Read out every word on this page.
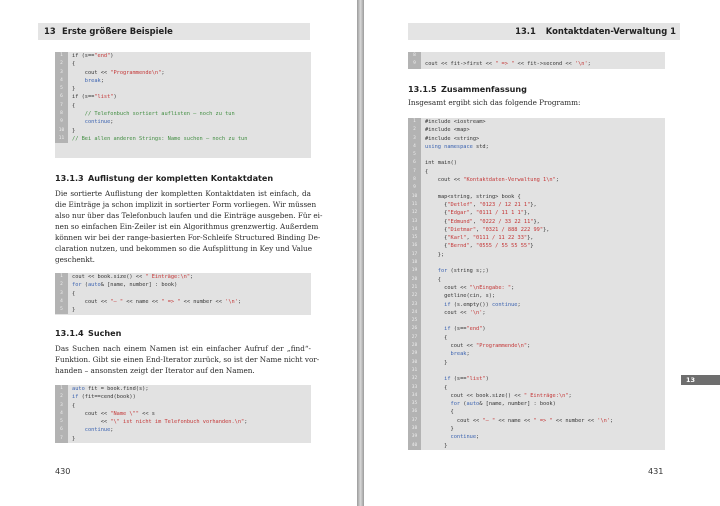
13 Erste größere Beispiele
1	if (s=="end")
2	{
3	cout << "Programmende\n";
4	break;
5	}
6	if (s=="list")
7	{
8	// Telefonbuch sortiert auflisten – noch zu tun
9	continue;
10	}
11	// Bei allen anderen Strings: Name suchen – noch zu tun
13.1.3 Auflistung der kompletten Kontaktdaten
Die sortierte Auflistung der kompletten Kontaktdaten ist einfach, da
die Einträge ja schon implizit in sortierter Form vorliegen. Wir müssen
also nur über das Telefonbuch laufen und die Einträge ausgeben. Für ei-
nen so einfachen Ein-Zeiler ist ein Algorithmus grenzwertig. Außerdem
können wir bei der range-basierten For-Schleife Structured Binding De-
claration nutzen, und bekommen so die Aufsplittung in Key und Value
geschenkt.
1	cout << book.size() << " Einträge:\n";
2	for (auto& [name, number] : book)
3	{
4	cout << "– " << name << " => " << number << '\n';
5	}
13.1.4 Suchen
Das Suchen nach einem Namen ist ein einfacher Aufruf der „find“-
Funktion. Gibt sie einen End-Iterator zurück, so ist der Name nicht vor-
handen – ansonsten zeigt der Iterator auf den Namen.
1	auto fit = book.find(s);
2	if (fit==cend(book))
3	{
4	cout << "Name \"" << s
5	<< "\" ist nicht im Telefonbuch vorhanden.\n";
6	continue;
7	}
430
13.1	Kontaktdaten-Verwaltung 1
8
9	cout << fit->first << " => " << fit->second << '\n';
13.1.5 Zusammenfassung
Insgesamt ergibt sich das folgende Programm:
1	#include <iostream>
2	#include <map>
3	#include <string>
4	using namespace std;
5
6	int main()
7	{
8	cout << "Kontaktdaten-Verwaltung 1\n";
9
10	map<string, string> book {
11	{"Detlef", "0123 / 12 21 1"},
12	{"Edgar", "0111 / 11 1 1"},
13	{"Edmund", "0222 / 33 22 11"},
14	{"Dietmar", "0321 / 888 222 99"},
15	{"Karl", "0111 / 11 22 33"},
16	{"Bernd", "0555 / 55 55 55"}
17	};
18
19	for (string s;;)
20	{
21	cout << "\nEingabe: ";
22	getline(cin, s);
23	if (s.empty()) continue;
24	cout << '\n';
25
26	if (s=="end")
27	{
28	cout << "Programmende\n";
29	break;
30	}
31
32	if (s=="list")
33	{
34	cout << book.size() << " Einträge:\n";
35	for (auto& [name, number] : book)
36	{
37	cout << "– " << name << " => " << number << '\n';
38	}
39	continue;
40	}
431
13
